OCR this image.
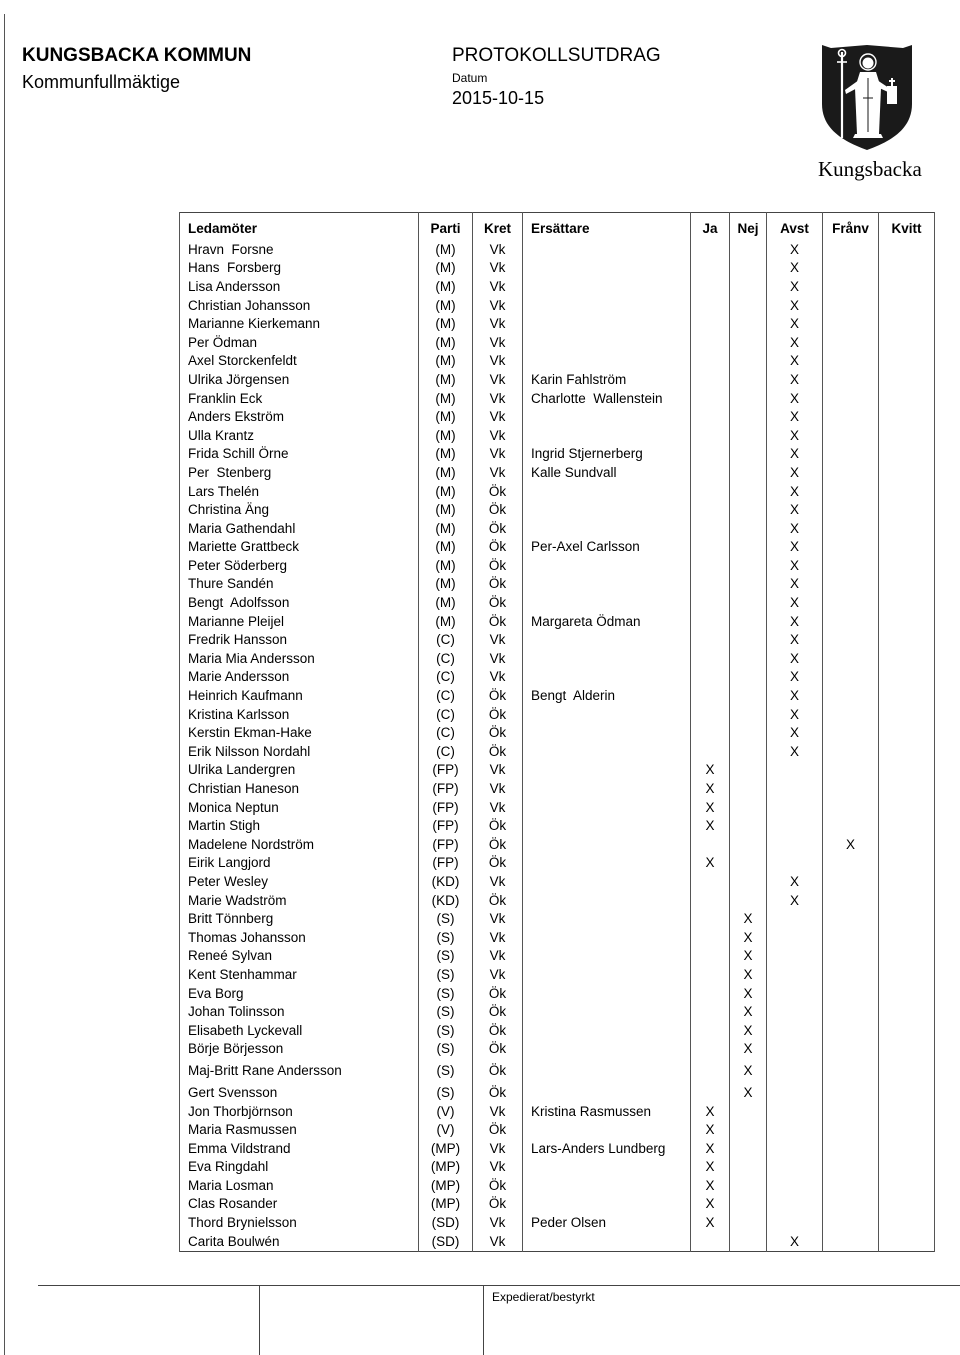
KUNGSBACKA KOMMUN
Kommunfullmäktige
PROTOKOLLSUTDRAG
Datum
2015-10-15
Kungsbacka
Ledamöter	Parti	Kret	Ersättare	Ja	Nej	Avst	Frånv	Kvitt
Hravn  Forsne	(M)	Vk				X		
Hans  Forsberg	(M)	Vk				X		
Lisa Andersson	(M)	Vk				X		
Christian Johansson	(M)	Vk				X		
Marianne Kierkemann	(M)	Vk				X		
Per Ödman	(M)	Vk				X		
Axel Storckenfeldt	(M)	Vk				X		
Ulrika Jörgensen	(M)	Vk	Karin Fahlström			X		
Franklin Eck	(M)	Vk	Charlotte  Wallenstein			X		
Anders Ekström	(M)	Vk				X		
Ulla Krantz	(M)	Vk				X		
Frida Schill Örne	(M)	Vk	Ingrid Stjernerberg			X		
Per  Stenberg	(M)	Vk	Kalle Sundvall			X		
Lars Thelén	(M)	Ök				X		
Christina Äng	(M)	Ök				X		
Maria Gathendahl	(M)	Ök				X		
Mariette Grattbeck	(M)	Ök	Per-Axel Carlsson			X		
Peter Söderberg	(M)	Ök				X		
Thure Sandén	(M)	Ök				X		
Bengt  Adolfsson	(M)	Ök				X		
Marianne Pleijel	(M)	Ök	Margareta Ödman			X		
Fredrik Hansson	(C)	Vk				X		
Maria Mia Andersson	(C)	Vk				X		
Marie Andersson	(C)	Vk				X		
Heinrich Kaufmann	(C)	Ök	Bengt  Alderin			X		
Kristina Karlsson	(C)	Ök				X		
Kerstin Ekman-Hake	(C)	Ök				X		
Erik Nilsson Nordahl	(C)	Ök				X		
Ulrika Landergren	(FP)	Vk		X				
Christian Haneson	(FP)	Vk		X				
Monica Neptun	(FP)	Vk		X				
Martin Stigh	(FP)	Ök		X				
Madelene Nordström	(FP)	Ök					X	
Eirik Langjord	(FP)	Ök		X				
Peter Wesley	(KD)	Vk				X		
Marie Wadström	(KD)	Ök				X		
Britt Tönnberg	(S)	Vk			X			
Thomas Johansson	(S)	Vk			X			
Reneé Sylvan	(S)	Vk			X			
Kent Stenhammar	(S)	Vk			X			
Eva Borg	(S)	Ök			X			
Johan Tolinsson	(S)	Ök			X			
Elisabeth Lyckevall	(S)	Ök			X			
Börje Börjesson	(S)	Ök			X			
Maj-Britt Rane Andersson	(S)	Ök			X			
Gert Svensson	(S)	Ök			X			
Jon Thorbjörnson	(V)	Vk	Kristina Rasmussen	X				
Maria Rasmussen	(V)	Ök		X				
Emma Vildstrand	(MP)	Vk	Lars-Anders Lundberg	X				
Eva Ringdahl	(MP)	Vk		X				
Maria Losman	(MP)	Ök		X				
Clas Rosander	(MP)	Ök		X				
Thord Brynielsson	(SD)	Vk	Peder Olsen	X				
Carita Boulwén	(SD)	Vk				X		
Expedierat/bestyrkt
